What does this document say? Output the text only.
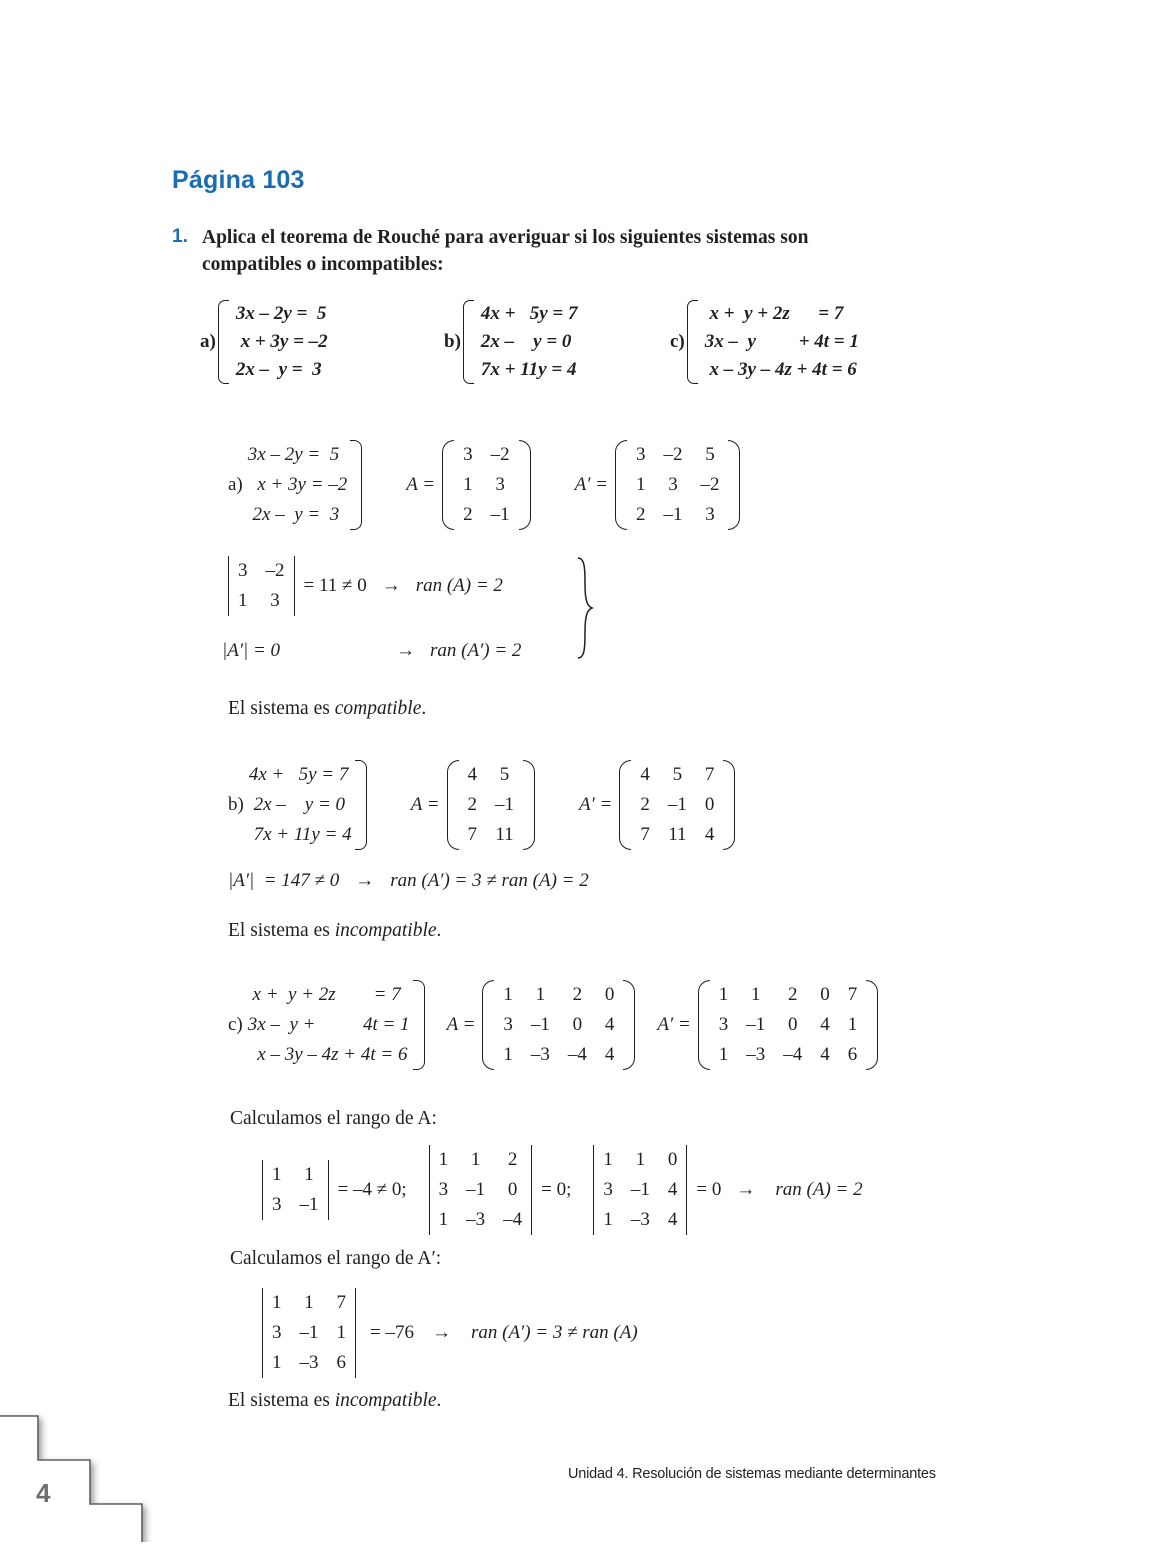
Página 103
1. Aplica el teorema de Rouché para averiguar si los siguientes sistemas son
compatibles o incompatibles:
a)
3x – 2y =  5
x + 3y = –2
2x –  y =  3
b)
4x +   5y = 7
2x –    y = 0
7x + 11y = 4
c)
x +  y + 2z      = 7
3x –  y         + 4t = 1
x – 3y – 4z + 4t = 6
a)
3x – 2y =  5
x + 3y = –2
2x –  y =  3
A =
3	–2
1	3
2	–1
A′ =
3	–2	5
1	3	–2
2	–1	3
3	–2
1	3
= 11 ≠ 0 → ran (A) = 2
|A′| = 0	→ ran (A′) = 2
El sistema es compatible.
b)
4x +   5y = 7
2x –    y = 0
7x + 11y = 4
A =
4	5
2	–1
7	11
A′ =
4	5	7
2	–1	0
7	11	4
|A′|  = 147 ≠ 0 → ran (A′) = 3 ≠ ran (A) = 2
El sistema es incompatible.
c)
x +  y + 2z        = 7
3x –  y +          4t = 1
x – 3y – 4z + 4t = 6
A =
1	1	2	0
3	–1	0	4
1	–3	–4	4
A′ =
1	1	2	0	7
3	–1	0	4	1
1	–3	–4	4	6
Calculamos el rango de A:
1	1
3	–1
= –4 ≠ 0;
1	1	2
3	–1	0
1	–3	–4
= 0;
1	1	0
3	–1	4
1	–3	4
= 0 →	ran (A) = 2
Calculamos el rango de A′:
1	1	7
3	–1	1
1	–3	6
= –76 →	ran (A′) = 3 ≠ ran (A)
El sistema es incompatible.
4
Unidad 4. Resolución de sistemas mediante determinantes
